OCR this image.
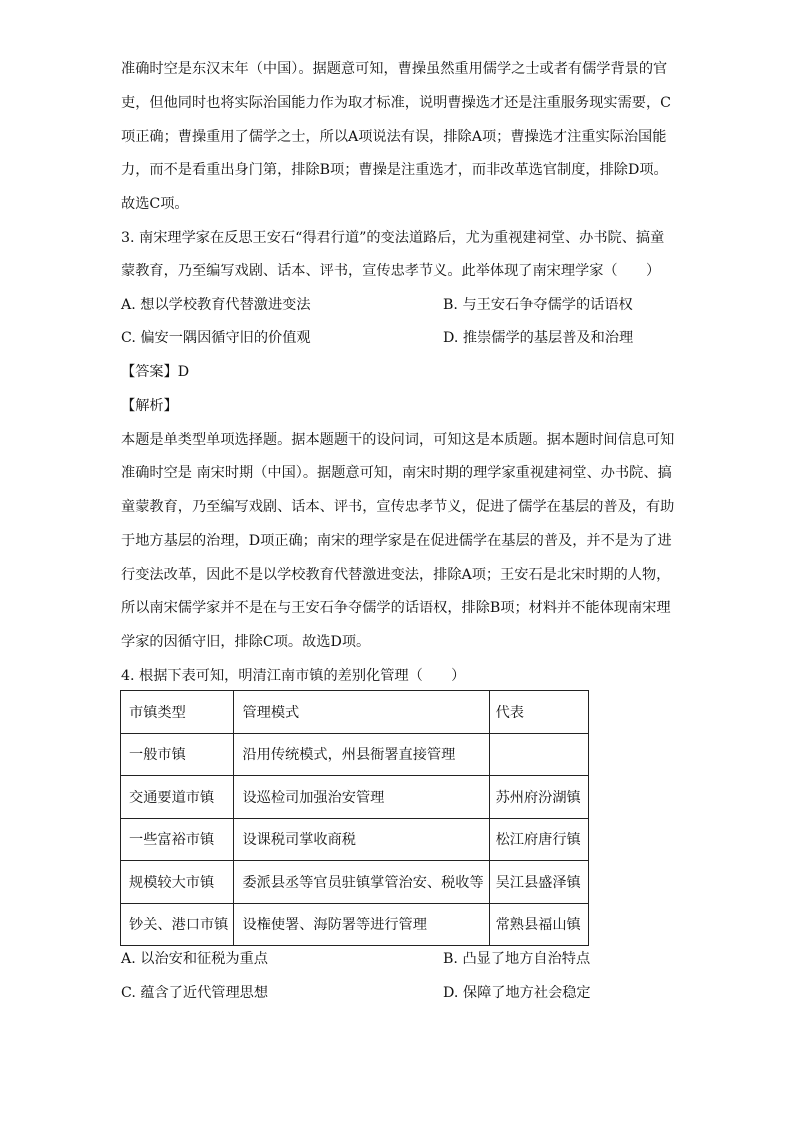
准确时空是东汉末年（中国）。据题意可知，曹操虽然重用儒学之士或者有儒学背景的官
吏，但他同时也将实际治国能力作为取才标准，说明曹操选才还是注重服务现实需要，C
项正确；曹操重用了儒学之士，所以A项说法有误，排除A项；曹操选才注重实际治国能
力，而不是看重出身门第，排除B项；曹操是注重选才，而非改革选官制度，排除D项。
故选C项。
3. 南宋理学家在反思王安石“得君行道”的变法道路后，尤为重视建祠堂、办书院、搞童
蒙教育，乃至编写戏剧、话本、评书，宣传忠孝节义。此举体现了南宋理学家（　　）
A. 想以学校教育代替激进变法	B. 与王安石争夺儒学的话语权
C. 偏安一隅因循守旧的价值观	D. 推崇儒学的基层普及和治理
【答案】D
【解析】
本题是单类型单项选择题。据本题题干的设问词，可知这是本质题。据本题时间信息可知
准确时空是 南宋时期（中国）。据题意可知，南宋时期的理学家重视建祠堂、办书院、搞
童蒙教育，乃至编写戏剧、话本、评书，宣传忠孝节义，促进了儒学在基层的普及，有助
于地方基层的治理，D项正确；南宋的理学家是在促进儒学在基层的普及，并不是为了进
行变法改革，因此不是以学校教育代替激进变法，排除A项；王安石是北宋时期的人物，
所以南宋儒学家并不是在与王安石争夺儒学的话语权，排除B项；材料并不能体现南宋理
学家的因循守旧，排除C项。故选D项。
4. 根据下表可知，明清江南市镇的差别化管理（　　）
市镇类型	管理模式	代表
一般市镇	沿用传统模式，州县衙署直接管理	
交通要道市镇	设巡检司加强治安管理	苏州府汾湖镇
一些富裕市镇	设课税司掌收商税	松江府唐行镇
规模较大市镇	委派县丞等官员驻镇掌管治安、税收等	吴江县盛泽镇
钞关、港口市镇	设権使署、海防署等进行管理	常熟县福山镇
A. 以治安和征税为重点	B. 凸显了地方自治特点
C. 蕴含了近代管理思想	D. 保障了地方社会稳定
